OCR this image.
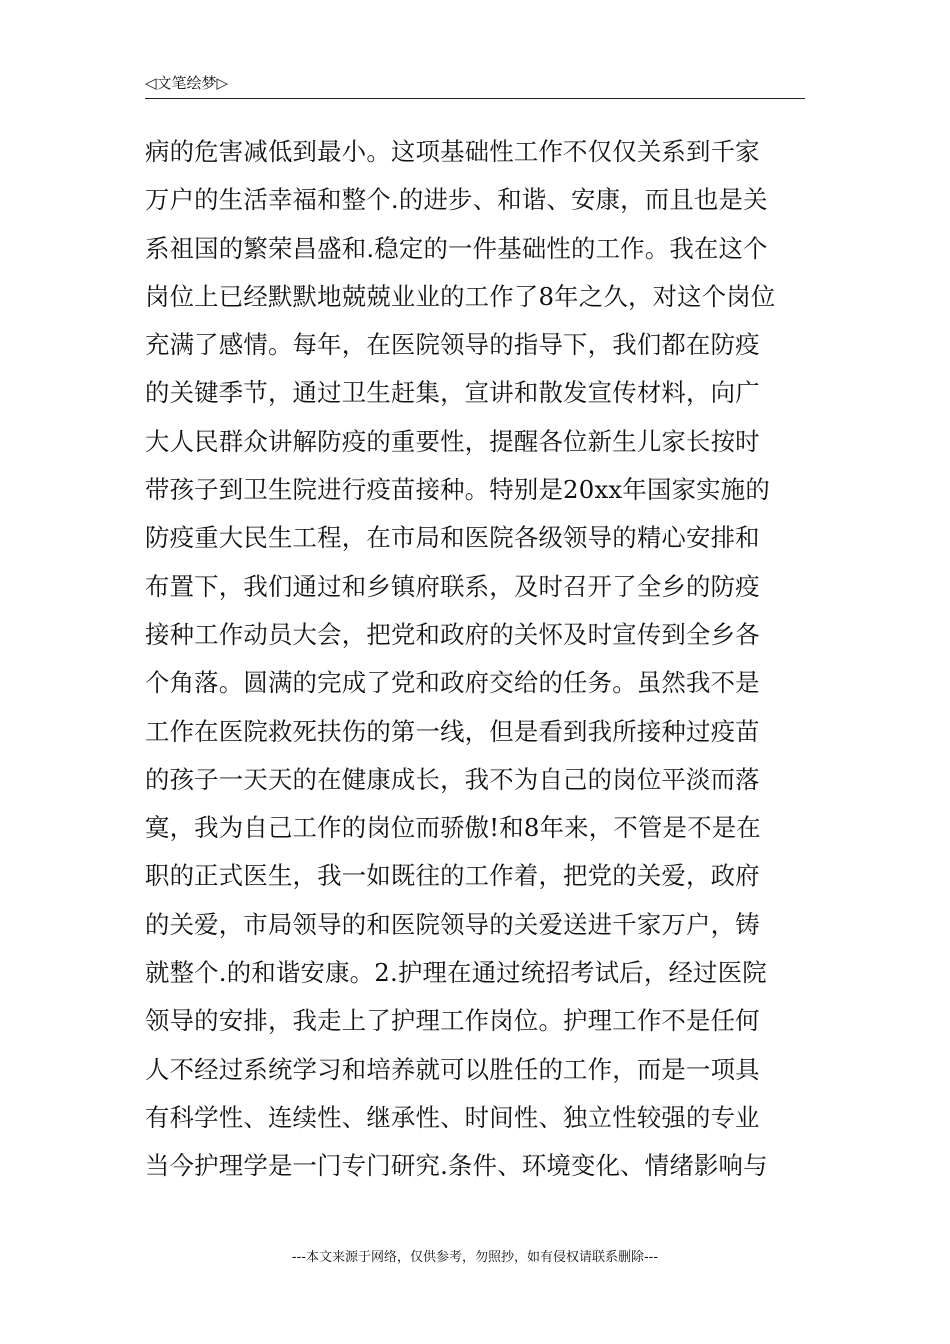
◁文笔绘梦▷
病的危害减低到最小。这项基础性工作不仅仅关系到千家
万户的生活幸福和整个.的进步、和谐、安康，而且也是关
系祖国的繁荣昌盛和.稳定的一件基础性的工作。我在这个
岗位上已经默默地兢兢业业的工作了8年之久，对这个岗位
充满了感情。每年，在医院领导的指导下，我们都在防疫
的关键季节，通过卫生赶集，宣讲和散发宣传材料，向广
大人民群众讲解防疫的重要性，提醒各位新生儿家长按时
带孩子到卫生院进行疫苗接种。特别是20xx年国家实施的
防疫重大民生工程，在市局和医院各级领导的精心安排和
布置下，我们通过和乡镇府联系，及时召开了全乡的防疫
接种工作动员大会，把党和政府的关怀及时宣传到全乡各
个角落。圆满的完成了党和政府交给的任务。虽然我不是
工作在医院救死扶伤的第一线，但是看到我所接种过疫苗
的孩子一天天的在健康成长，我不为自己的岗位平淡而落
寞，我为自己工作的岗位而骄傲!和8年来，不管是不是在
职的正式医生，我一如既往的工作着，把党的关爱，政府
的关爱，市局领导的和医院领导的关爱送进千家万户，铸
就整个.的和谐安康。2.护理在通过统招考试后，经过医院
领导的安排，我走上了护理工作岗位。护理工作不是任何
人不经过系统学习和培养就可以胜任的工作，而是一项具
有科学性、连续性、继承性、时间性、独立性较强的专业
当今护理学是一门专门研究.条件、环境变化、情绪影响与
---本文来源于网络，仅供参考，勿照抄，如有侵权请联系删除---
